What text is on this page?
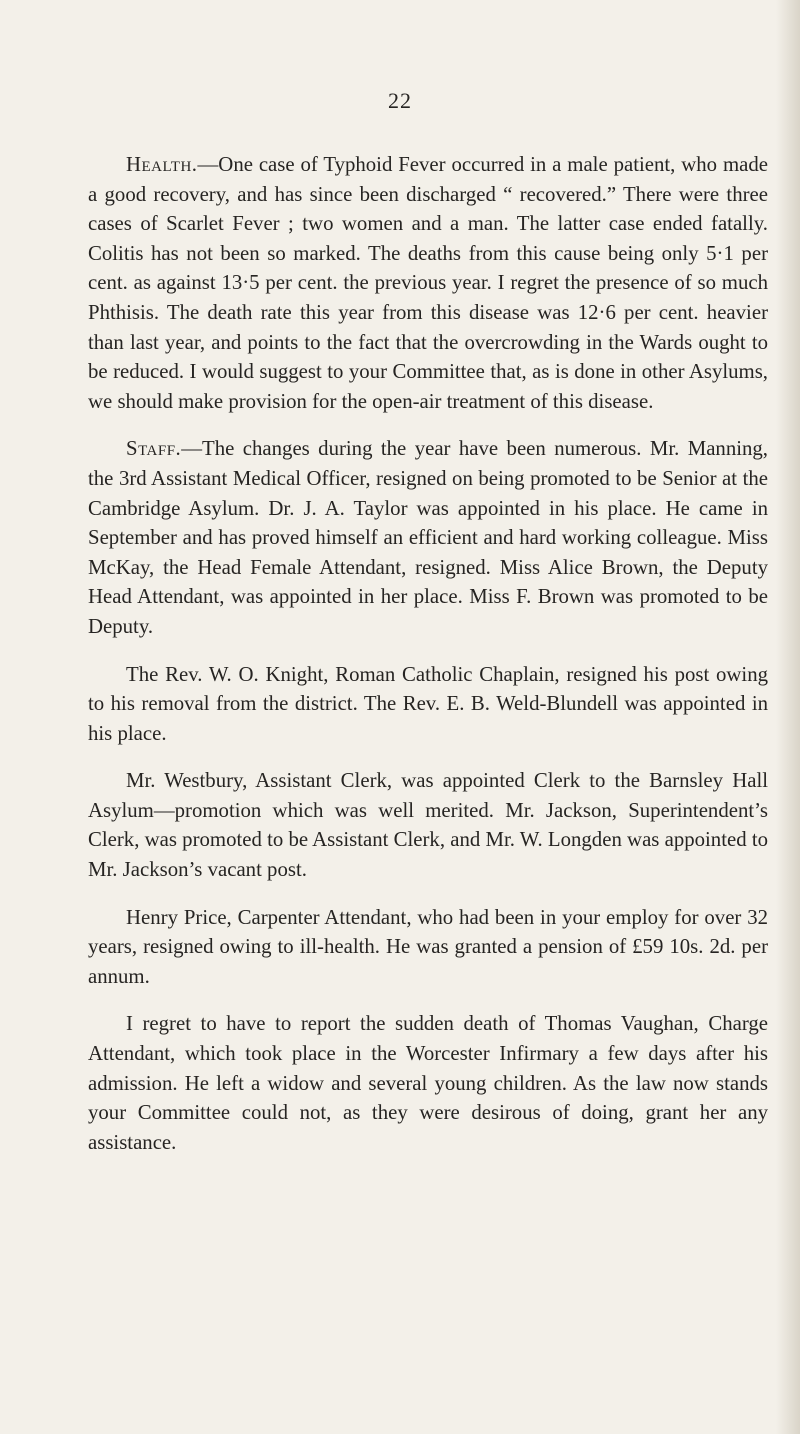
22

Health.—One case of Typhoid Fever occurred in a male patient, who made a good recovery, and has since been discharged “ recovered.” There were three cases of Scarlet Fever ; two women and a man. The latter case ended fatally. Colitis has not been so marked. The deaths from this cause being only 5·1 per cent. as against 13·5 per cent. the previous year. I regret the presence of so much Phthisis. The death rate this year from this disease was 12·6 per cent. heavier than last year, and points to the fact that the overcrowding in the Wards ought to be reduced. I would suggest to your Committee that, as is done in other Asylums, we should make provision for the open-air treatment of this disease.

Staff.—The changes during the year have been numerous. Mr. Manning, the 3rd Assistant Medical Officer, resigned on being promoted to be Senior at the Cambridge Asylum. Dr. J. A. Taylor was appointed in his place. He came in September and has proved himself an efficient and hard working colleague. Miss McKay, the Head Female Attendant, resigned. Miss Alice Brown, the Deputy Head Attendant, was appointed in her place. Miss F. Brown was promoted to be Deputy.

The Rev. W. O. Knight, Roman Catholic Chaplain, resigned his post owing to his removal from the district. The Rev. E. B. Weld-Blundell was appointed in his place.

Mr. Westbury, Assistant Clerk, was appointed Clerk to the Barnsley Hall Asylum—promotion which was well merited. Mr. Jackson, Superintendent’s Clerk, was promoted to be Assistant Clerk, and Mr. W. Longden was appointed to Mr. Jackson’s vacant post.

Henry Price, Carpenter Attendant, who had been in your employ for over 32 years, resigned owing to ill-health. He was granted a pension of £59 10s. 2d. per annum.

I regret to have to report the sudden death of Thomas Vaughan, Charge Attendant, which took place in the Worcester Infirmary a few days after his admission. He left a widow and several young children. As the law now stands your Committee could not, as they were desirous of doing, grant her any assistance.
